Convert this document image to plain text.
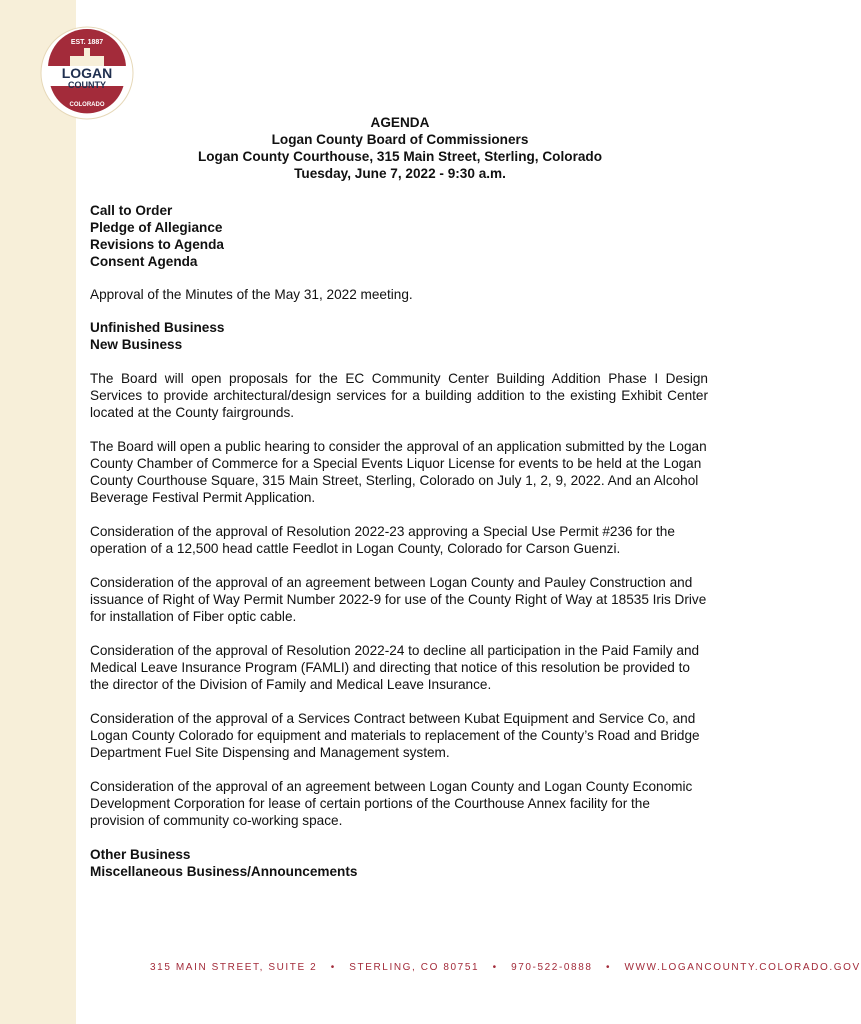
EST. 1887
LOGAN
COUNTY
COLORADO
AGENDA
Logan County Board of Commissioners
Logan County Courthouse, 315 Main Street, Sterling, Colorado
Tuesday, June 7, 2022 - 9:30 a.m.
Call to Order
Pledge of Allegiance
Revisions to Agenda
Consent Agenda

Approval of the Minutes of the May 31, 2022 meeting.

Unfinished Business
New Business

The Board will open proposals for the EC Community Center Building Addition Phase I Design Services to provide architectural/design services for a building addition to the existing Exhibit Center located at the County fairgrounds.

The Board will open a public hearing to consider the approval of an application submitted by the Logan County Chamber of Commerce for a Special Events Liquor License for events to be held at the Logan County Courthouse Square, 315 Main Street, Sterling, Colorado on July 1, 2, 9, 2022. And an Alcohol Beverage Festival Permit Application.

Consideration of the approval of Resolution 2022-23 approving a Special Use Permit #236 for the operation of a 12,500 head cattle Feedlot in Logan County, Colorado for Carson Guenzi.

Consideration of the approval of an agreement between Logan County and Pauley Construction and issuance of Right of Way Permit Number 2022-9 for use of the County Right of Way at 18535 Iris Drive for installation of Fiber optic cable.

Consideration of the approval of Resolution 2022-24 to decline all participation in the Paid Family and Medical Leave Insurance Program (FAMLI) and directing that notice of this resolution be provided to the director of the Division of Family and Medical Leave Insurance.

Consideration of the approval of a Services Contract between Kubat Equipment and Service Co, and Logan County Colorado for equipment and materials to replacement of the County’s Road and Bridge Department Fuel Site Dispensing and Management system.

Consideration of the approval of an agreement between Logan County and Logan County Economic Development Corporation for lease of certain portions of the Courthouse Annex facility for the provision of community co-working space.

Other Business
Miscellaneous Business/Announcements
315 MAIN STREET, SUITE 2 • STERLING, CO 80751 • 970-522-0888 • WWW.LOGANCOUNTY.COLORADO.GOV
